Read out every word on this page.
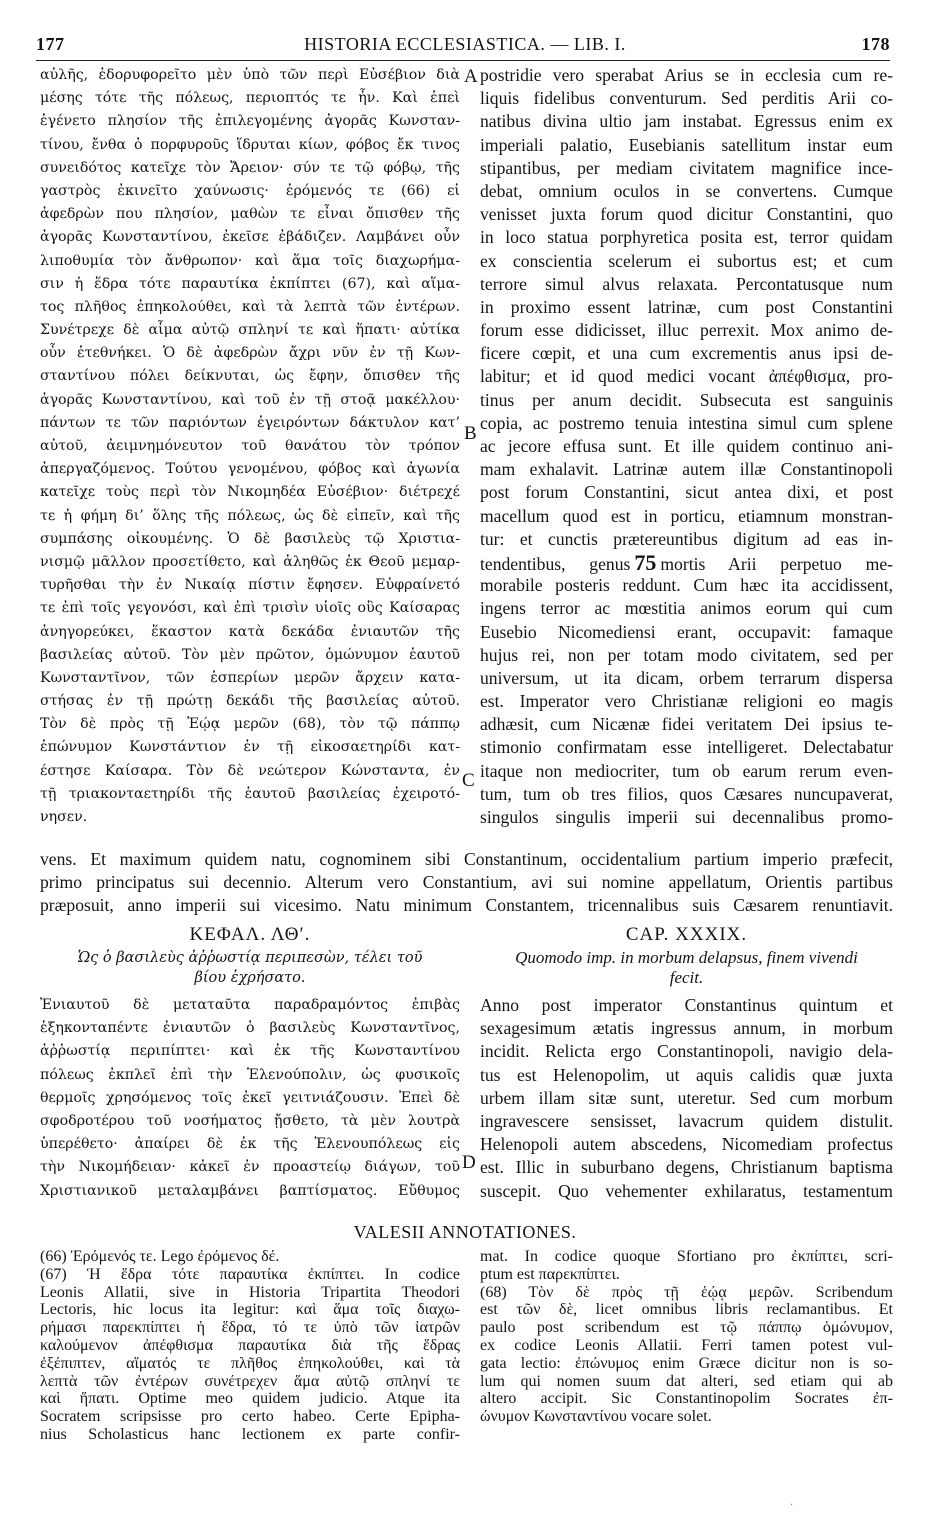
177	HISTORIA ECCLESIASTICA. — LIB. I.	178
αὐλῆς, ἐδορυφορεῖτο μὲν ὑπὸ τῶν περὶ Εὐσέβιον διὰ
μέσης τότε τῆς πόλεως, περιοπτός τε ἦν. Καὶ ἐπεὶ
ἐγένετο πλησίον τῆς ἐπιλεγομένης ἀγορᾶς Κωνσταν-
τίνου, ἔνθα ὁ πορφυροῦς ἵδρυται κίων, φόβος ἔκ τινος
συνειδότος κατεῖχε τὸν Ἄρειον· σύν τε τῷ φόβῳ, τῆς
γαστρὸς ἐκινεῖτο χαύνωσις· ἐρόμενός τε (66) εἰ
ἀφεδρὼν που πλησίον, μαθὼν τε εἶναι ὄπισθεν τῆς
ἀγορᾶς Κωνσταντίνου, ἐκεῖσε ἐβάδιζεν. Λαμβάνει οὖν
λιποθυμία τὸν ἄνθρωπον· καὶ ἅμα τοῖς διαχωρήμα-
σιν ἡ ἕδρα τότε παραυτίκα ἐκπίπτει (67), καὶ αἵμα-
τος πλῆθος ἐπηκολούθει, καὶ τὰ λεπτὰ τῶν ἐντέρων.
Συνέτρεχε δὲ αἷμα αὐτῷ σπληνί τε καὶ ἥπατι· αὐτίκα
οὖν ἐτεθνήκει. Ὁ δὲ ἀφεδρὼν ἄχρι νῦν ἐν τῇ Κων-
σταντίνου πόλει δείκνυται, ὡς ἔφην, ὄπισθεν τῆς
ἀγορᾶς Κωνσταντίνου, καὶ τοῦ ἐν τῇ στοᾷ μακέλλου·
πάντων τε τῶν παριόντων ἐγειρόντων δάκτυλον κατ’
αὐτοῦ, ἀειμνημόνευτον τοῦ θανάτου τὸν τρόπον
ἀπεργαζόμενος. Τούτου γενομένου, φόβος καὶ ἀγωνία
κατεῖχε τοὺς περὶ τὸν Νικομηδέα Εὐσέβιον· διέτρεχέ
τε ἡ φήμη δι’ ὅλης τῆς πόλεως, ὡς δὲ εἰπεῖν, καὶ τῆς
συμπάσης οἰκουμένης. Ὁ δὲ βασιλεὺς τῷ Χριστια-
νισμῷ μᾶλλον προσετίθετο, καὶ ἀληθῶς ἐκ Θεοῦ μεμαρ-
τυρῆσθαι τὴν ἐν Νικαίᾳ πίστιν ἔφησεν. Εὐφραίνετό
τε ἐπὶ τοῖς γεγονόσι, καὶ ἐπὶ τρισὶν υἱοῖς οὓς Καίσαρας
ἀνηγορεύκει, ἕκαστον κατὰ δεκάδα ἐνιαυτῶν τῆς
βασιλείας αὐτοῦ. Τὸν μὲν πρῶτον, ὁμώνυμον ἑαυτοῦ
Κωνσταντῖνον, τῶν ἑσπερίων μερῶν ἄρχειν κατα-
στήσας ἐν τῇ πρώτῃ δεκάδι τῆς βασιλείας αὐτοῦ.
Τὸν δὲ πρὸς τῇ Ἑῴᾳ μερῶν (68), τὸν τῷ πάππῳ
ἐπώνυμον Κωνστάντιον ἐν τῇ εἰκοσαετηρίδι κατ-
έστησε Καίσαρα. Τὸν δὲ νεώτερον Κώνσταντα, ἐν
τῇ τριακονταετηρίδι τῆς ἑαυτοῦ βασιλείας ἐχειροτό-
νησεν.
postridie vero sperabat Arius se in ecclesia cum re-
liquis fidelibus conventurum. Sed perditis Arii co-
natibus divina ultio jam instabat. Egressus enim ex
imperiali palatio, Eusebianis satellitum instar eum
stipantibus, per mediam civitatem magnifice ince-
debat, omnium oculos in se convertens. Cumque
venisset juxta forum quod dicitur Constantini, quo
in loco statua porphyretica posita est, terror quidam
ex conscientia scelerum ei subortus est; et cum
terrore simul alvus relaxata. Percontatusque num
in proximo essent latrinæ, cum post Constantini
forum esse didicisset, illuc perrexit. Mox animo de-
ficere cœpit, et una cum excrementis anus ipsi de-
labitur; et id quod medici vocant ἀπέφθισμα, pro-
tinus per anum decidit. Subsecuta est sanguinis
copia, ac postremo tenuia intestina simul cum splene
ac jecore effusa sunt. Et ille quidem continuo ani-
mam exhalavit. Latrinæ autem illæ Constantinopoli
post forum Constantini, sicut antea dixi, et post
macellum quod est in porticu, etiamnum monstran-
tur: et cunctis prætereuntibus digitum ad eas in-
tendentibus, genus 75 mortis Arii perpetuo me-
morabile posteris reddunt. Cum hæc ita accidissent,
ingens terror ac mœstitia animos eorum qui cum
Eusebio Nicomediensi erant, occupavit: famaque
hujus rei, non per totam modo civitatem, sed per
universum, ut ita dicam, orbem terrarum dispersa
est. Imperator vero Christianæ religioni eo magis
adhæsit, cum Nicænæ fidei veritatem Dei ipsius te-
stimonio confirmatam esse intelligeret. Delectabatur
itaque non mediocriter, tum ob earum rerum even-
tum, tum ob tres filios, quos Cæsares nuncupaverat,
singulos singulis imperii sui decennalibus promo-
A
B
C
D
vens. Et maximum quidem natu, cognominem sibi Constantinum, occidentalium partium imperio præfecit,
primo principatus sui decennio. Alterum vero Constantium, avi sui nomine appellatum, Orientis partibus
præposuit, anno imperii sui vicesimo. Natu minimum Constantem, tricennalibus suis Cæsarem renuntiavit.
ΚΕΦΑΛ. ΛΘʹ.
Ὡς ὁ βασιλεὺς ἀῤῥωστίᾳ περιπεσὼν, τέλει τοῦ
βίου ἐχρήσατο.
CAP. XXXIX.
Quomodo imp. in morbum delapsus, finem vivendi
fecit.
Ἐνιαυτοῦ δὲ μεταταῦτα παραδραμόντος ἐπιβὰς
ἑξηκονταπέντε ἐνιαυτῶν ὁ βασιλεὺς Κωνσταντῖνος,
ἀῤῥωστίᾳ περιπίπτει· καὶ ἐκ τῆς Κωνσταντίνου
πόλεως ἐκπλεῖ ἐπὶ τὴν Ἑλενούπολιν, ὡς φυσικοῖς
θερμοῖς χρησόμενος τοῖς ἐκεῖ γειτνιάζουσιν. Ἐπεὶ δὲ
σφοδροτέρου τοῦ νοσήματος ᾔσθετο, τὰ μὲν λουτρὰ
ὑπερέθετο· ἀπαίρει δὲ ἐκ τῆς Ἑλενουπόλεως εἰς
τὴν Νικομήδειαν· κἀκεῖ ἐν προαστείῳ διάγων, τοῦ
Χριστιανικοῦ μεταλαμβάνει βαπτίσματος. Εὔθυμος
Anno post imperator Constantinus quintum et
sexagesimum ætatis ingressus annum, in morbum
incidit. Relicta ergo Constantinopoli, navigio dela-
tus est Helenopolim, ut aquis calidis quæ juxta
urbem illam sitæ sunt, uteretur. Sed cum morbum
ingravescere sensisset, lavacrum quidem distulit.
Helenopoli autem abscedens, Nicomediam profectus
est. Illic in suburbano degens, Christianum baptisma
suscepit. Quo vehementer exhilaratus, testamentum
VALESII ANNOTATIONES.
(66) Ἐρόμενός τε. Lego ἐρόμενος δέ.
(67) Ἡ ἕδρα τότε παραυτίκα ἐκπίπτει. In codice
Leonis Allatii, sive in Historia Tripartita Theodori
Lectoris, hic locus ita legitur: καὶ ἅμα τοῖς διαχω-
ρήμασι παρεκπίπτει ἡ ἕδρα, τό τε ὑπὸ τῶν ἰατρῶν
καλούμενον ἀπέφθισμα παραυτίκα διὰ τῆς ἕδρας
ἐξέπιπτεν, αἵματός τε πλῆθος ἐπηκολούθει, καὶ τὰ
λεπτὰ τῶν ἐντέρων συνέτρεχεν ἅμα αὐτῷ σπληνί τε
καὶ ἥπατι. Optime meo quidem judicio. Atque ita
Socratem scripsisse pro certo habeo. Certe Epipha-
nius Scholasticus hanc lectionem ex parte confir-
mat. In codice quoque Sfortiano pro ἐκπίπτει, scri-
ptum est παρεκπίπτει.
(68) Τὸν δὲ πρὸς τῇ ἑῴᾳ μερῶν. Scribendum
est τῶν δὲ, licet omnibus libris reclamantibus. Et
paulo post scribendum est τῷ πάππῳ ὁμώνυμον,
ex codice Leonis Allatii. Ferri tamen potest vul-
gata lectio: ἐπώνυμος enim Græce dicitur non is so-
lum qui nomen suum dat alteri, sed etiam qui ab
altero accipit. Sic Constantinopolim Socrates ἐπ-
ώνυμον Κωνσταντίνου vocare solet.
·
